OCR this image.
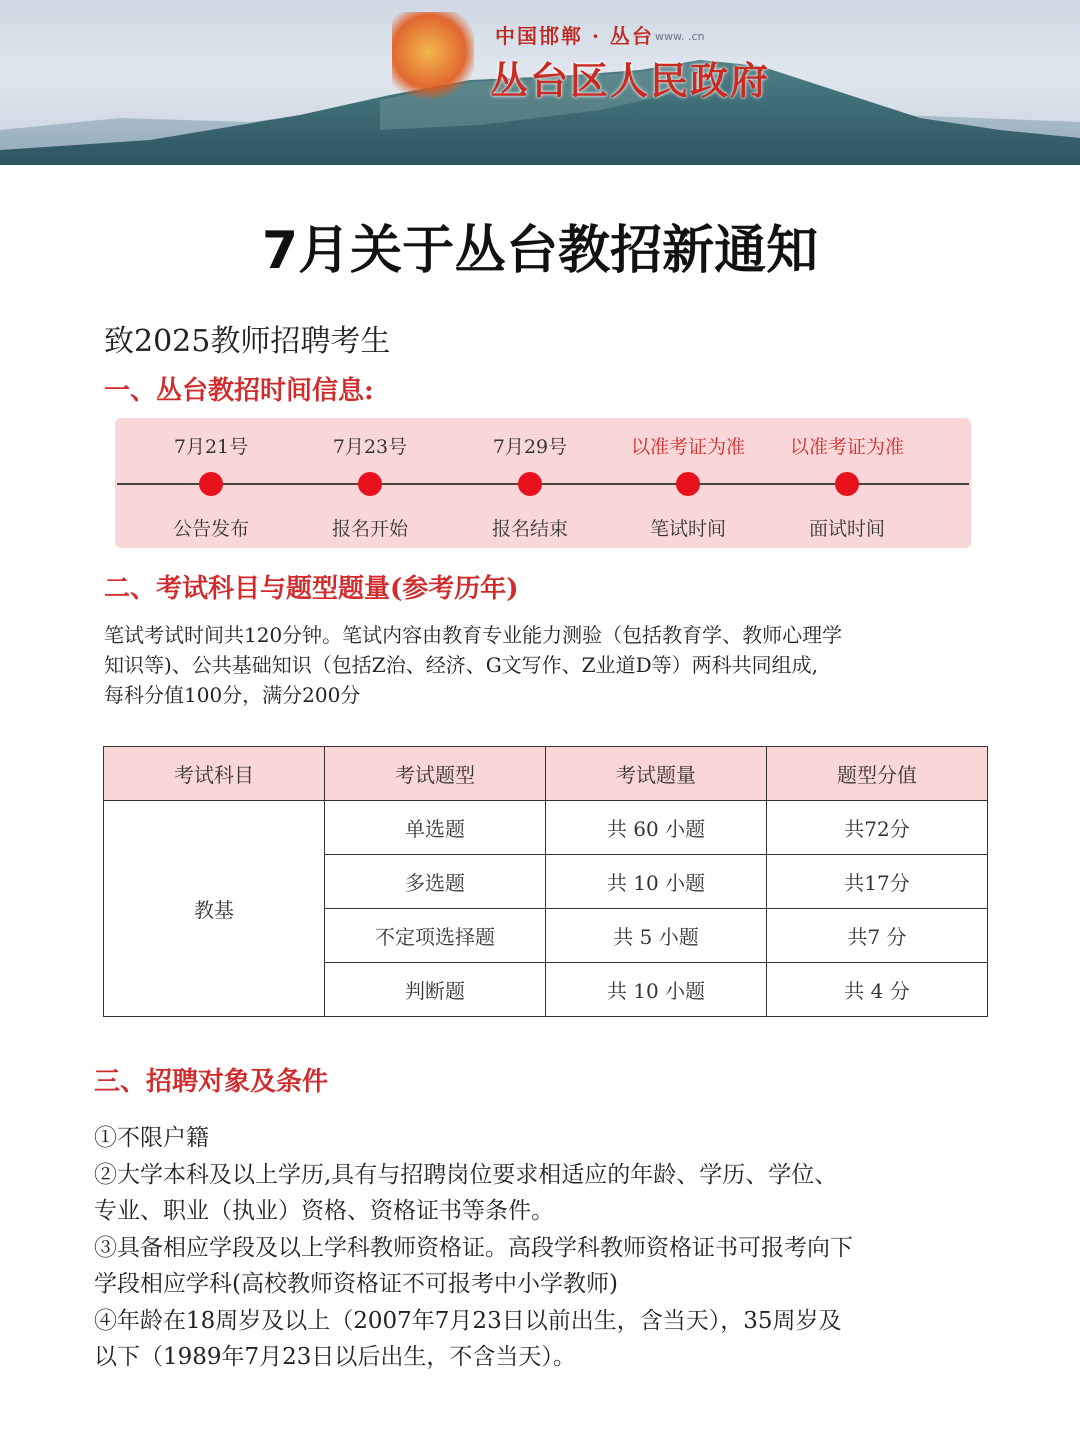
中国邯郸 · 丛台 www. .cn
丛台区人民政府
7月关于丛台教招新通知
致2025教师招聘考生
一、丛台教招时间信息:
7月21号
公告发布
7月23号
报名开始
7月29号
报名结束
以准考证为准
笔试时间
以准考证为准
面试时间
二、考试科目与题型题量(参考历年)
笔试考试时间共120分钟。笔试内容由教育专业能力测验（包括教育学、教师心理学
知识等)、公共基础知识（包括Z治、经济、G文写作、Z业道D等）两科共同组成,
每科分值100分，满分200分
考试科目	考试题型	考试题量	题型分值
教基	单选题	共 60 小题	共72分
	多选题	共 10 小题	共17分
	不定项选择题	共 5 小题	共7 分
	判断题	共 10 小题	共 4 分
三、招聘对象及条件

①不限户籍

②大学本科及以上学历,具有与招聘岗位要求相适应的年龄、学历、学位、

专业、职业（执业）资格、资格证书等条件。

③具备相应学段及以上学科教师资格证。高段学科教师资格证书可报考向下

学段相应学科(高校教师资格证不可报考中小学教师)

④年龄在18周岁及以上（2007年7月23日以前出生，含当天），35周岁及

以下（1989年7月23日以后出生，不含当天）。
